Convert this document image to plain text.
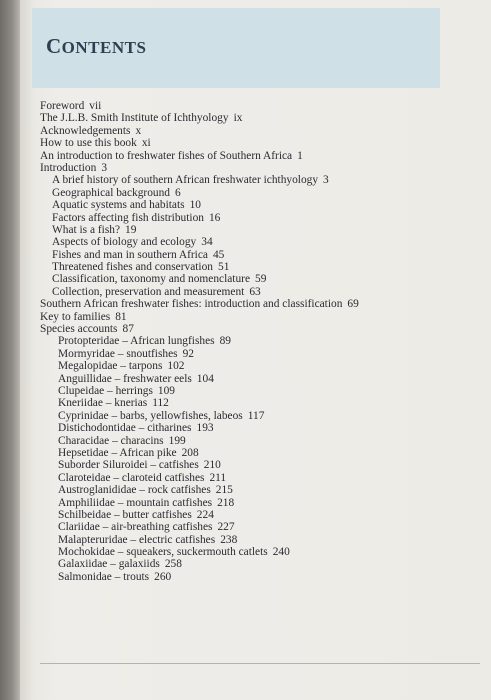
CONTENTS
Foreword vii
The J.L.B. Smith Institute of Ichthyology ix
Acknowledgements x
How to use this book xi
An introduction to freshwater fishes of Southern Africa 1
Introduction 3
A brief history of southern African freshwater ichthyology 3
Geographical background 6
Aquatic systems and habitats 10
Factors affecting fish distribution 16
What is a fish? 19
Aspects of biology and ecology 34
Fishes and man in southern Africa 45
Threatened fishes and conservation 51
Classification, taxonomy and nomenclature 59
Collection, preservation and measurement 63
Southern African freshwater fishes: introduction and classification 69
Key to families 81
Species accounts 87
Protopteridae – African lungfishes 89
Mormyridae – snoutfishes 92
Megalopidae – tarpons 102
Anguillidae – freshwater eels 104
Clupeidae – herrings 109
Kneriidae – knerias 112
Cyprinidae – barbs, yellowfishes, labeos 117
Distichodontidae – citharines 193
Characidae – characins 199
Hepsetidae – African pike 208
Suborder Siluroidei – catfishes 210
Claroteidae – claroteid catfishes 211
Austroglanididae – rock catfishes 215
Amphiliidae – mountain catfishes 218
Schilbeidae – butter catfishes 224
Clariidae – air-breathing catfishes 227
Malapteruridae – electric catfishes 238
Mochokidae – squeakers, suckermouth catlets 240
Galaxiidae – galaxiids 258
Salmonidae – trouts 260
